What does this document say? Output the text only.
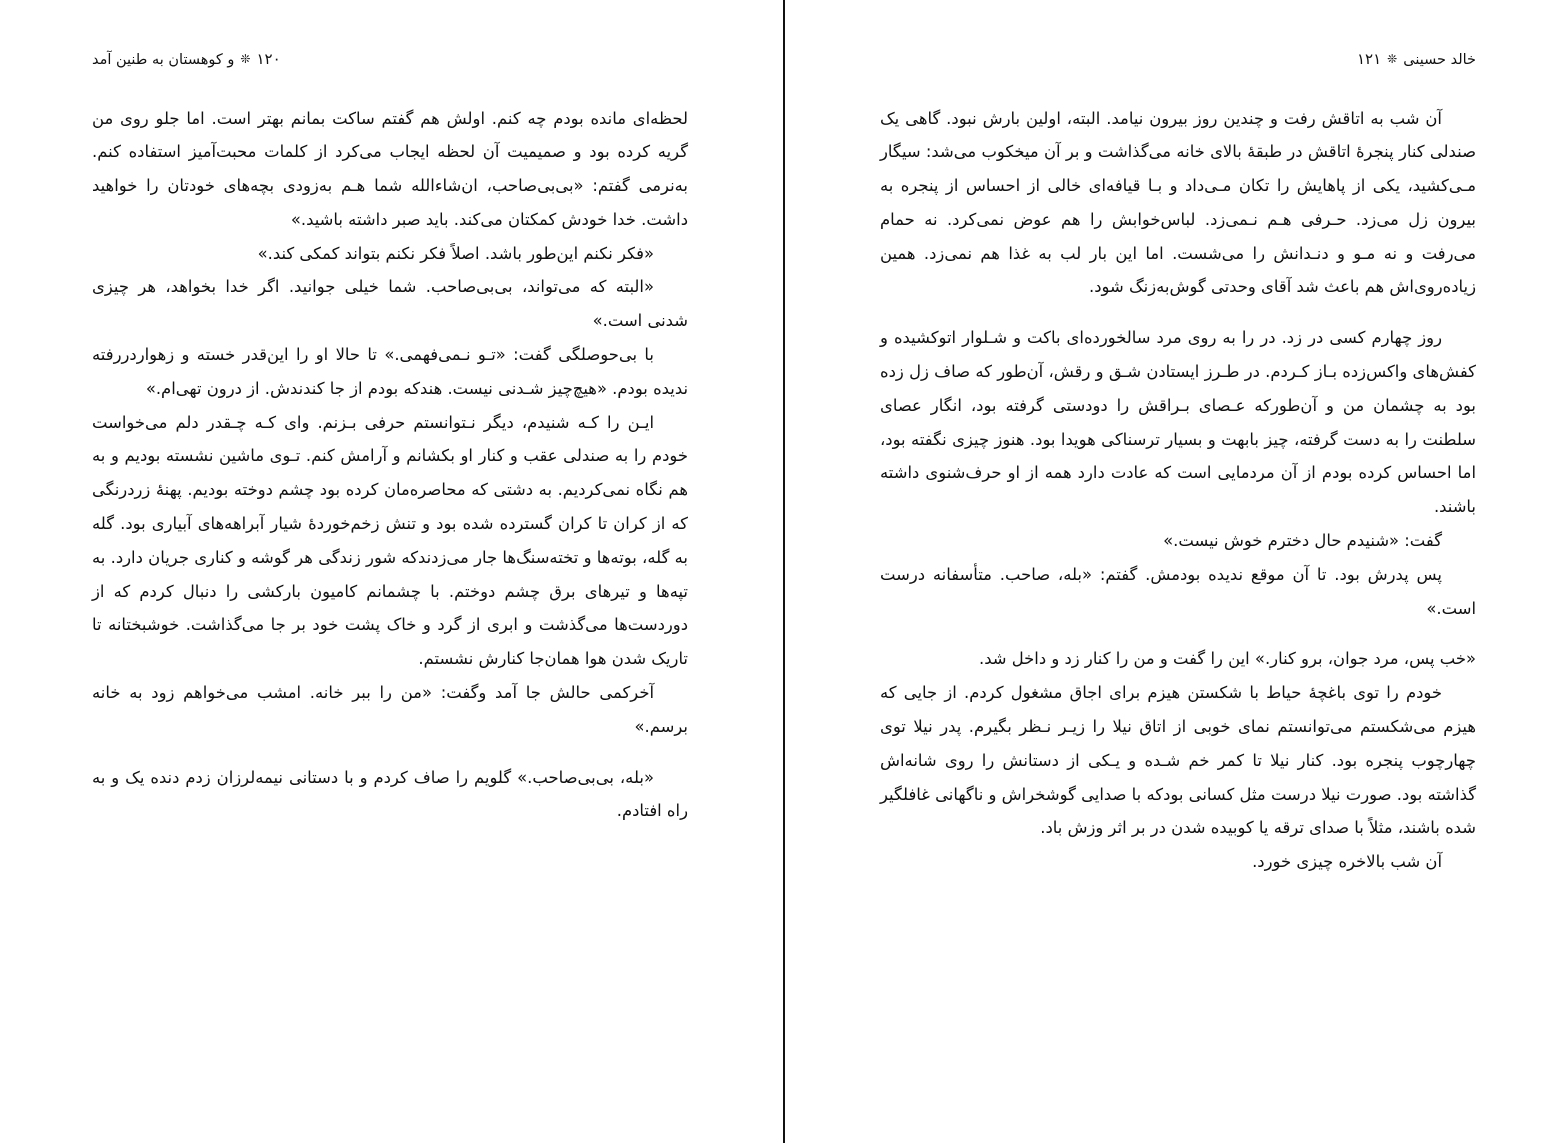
خالد حسینی❊۱۲۱

آن شب به اتاقش رفت و چندین روز بیرون نیامد. البته، اولین بارش نبود. گاهی یک صندلی کنار پنجرهٔ اتاقش در طبقهٔ بالای خانه می‌گذاشت و بر آن میخکوب می‌شد: سیگار مـی‌کشید، یکی از پاهایش را تکان مـی‌داد و بـا قیافه‌ای خالی از احساس از پنجره به بیرون زل می‌زد. حـرفی هـم نـمی‌زد. لباس‌خوابش را هم عوض نمی‌کرد. نه حمام می‌رفت و نه مـو و دنـدانش را می‌شست. اما این بار لب به غذا هم نمی‌زد. همین زیاده‌روی‌اش هم باعث شد آقای وحدتی گوش‌به‌زنگ شود.

روز چهارم کسی در زد. در را به روی مرد سالخورده‌ای باکت و شـلوار اتوکشیده و کفش‌های واکس‌زده بـاز کـردم. در طـرز ایستادن شـق و رقش، آن‌طور که صاف زل زده بود به چشمان من و آن‌طورکه عـصای بـراقش را دودستی گرفته بود، انگار عصای سلطنت را به دست گرفته، چیز بابهت و بسیار ترسناکی هویدا بود. هنوز چیزی نگفته بود، اما احساس کرده بودم از آن مردمایی است که عادت دارد همه از او حرف‌شنوی داشته باشند.

گفت: «شنیدم حال دخترم خوش نیست.»

پس پدرش بود. تا آن موقع ندیده بودمش. گفتم: «بله، صاحب. متأسفانه درست است.»

«خب پس، مرد جوان، برو کنار.» این را گفت و من را کنار زد و داخل شد.

خودم را توی باغچهٔ حیاط با شکستن هیزم برای اجاق مشغول کردم. از جایی که هیزم می‌شکستم می‌توانستم نمای خوبی از اتاق نیلا را زیـر نـظر بگیرم. پدر نیلا توی چهارچوب پنجره بود. کنار نیلا تا کمر خم شـده و یـکی از دستانش را روی شانه‌اش گذاشته بود. صورت نیلا درست مثل کسانی بودکه با صدایی گوشخراش و ناگهانی غافلگیر شده باشند، مثلاً با صدای ترقه یا کوبیده شدن در بر اثر وزش باد.

آن شب بالاخره چیزی خورد.

۱۲۰❊و کوهستان به طنین آمد

لحظه‌ای مانده بودم چه کنم. اولش هم گفتم ساکت بمانم بهتر است. اما جلو روی من گریه کرده بود و صمیمیت آن لحظه ایجاب می‌کرد از کلمات محبت‌آمیز استفاده کنم. به‌نرمی گفتم: «بی‌بی‌صاحب، ان‌شاءالله شما هـم به‌زودی بچه‌های خودتان را خواهید داشت. خدا خودش کمکتان می‌کند. باید صبر داشته باشید.»

«فکر نکنم این‌طور باشد. اصلاً فکر نکنم بتواند کمکی کند.»

«البته که می‌تواند، بی‌بی‌صاحب. شما خیلی جوانید. اگر خدا بخواهد، هر چیزی شدنی است.»

با بی‌حوصلگی گفت: «تـو نـمی‌فهمی.» تا حالا او را این‌قدر خسته و زهواردررفته ندیده بودم. «هیچ‌چیز شـدنی نیست. هندکه بودم از جا کندندش. از درون تهی‌ام.»

ایـن را کـه شنیدم، دیگر نـتوانستم حرفی بـزنم. وای کـه چـقدر دلم می‌خواست خودم را به صندلی عقب و کنار او بکشانم و آرامش کنم. تـوی ماشین نشسته بودیم و به هم نگاه نمی‌کردیم. به دشتی که محاصره‌مان کرده بود چشم دوخته بودیم. پهنهٔ زردرنگی که از کران تا کران گسترده شده بود و تنش زخم‌خوردهٔ شیار آبراهه‌های آبیاری بود. گله به گله، بوته‌ها و تخته‌سنگ‌ها جار می‌زدندکه شور زندگی هر گوشه و کناری جریان دارد. به تپه‌ها و تیرهای برق چشم دوختم. با چشمانم کامیون بارکشی را دنبال کردم که از دوردست‌ها می‌گذشت و ابری از گرد و خاک پشت خود بر جا می‌گذاشت. خوشبختانه تا تاریک شدن هوا همان‌جا کنارش نشستم.

آخرکمی حالش جا آمد وگفت: «من را ببر خانه. امشب می‌خواهم زود به خانه برسم.»

«بله، بی‌بی‌صاحب.» گلویم را صاف کردم و با دستانی نیمه‌لرزان زدم دنده یک و به راه افتادم.
